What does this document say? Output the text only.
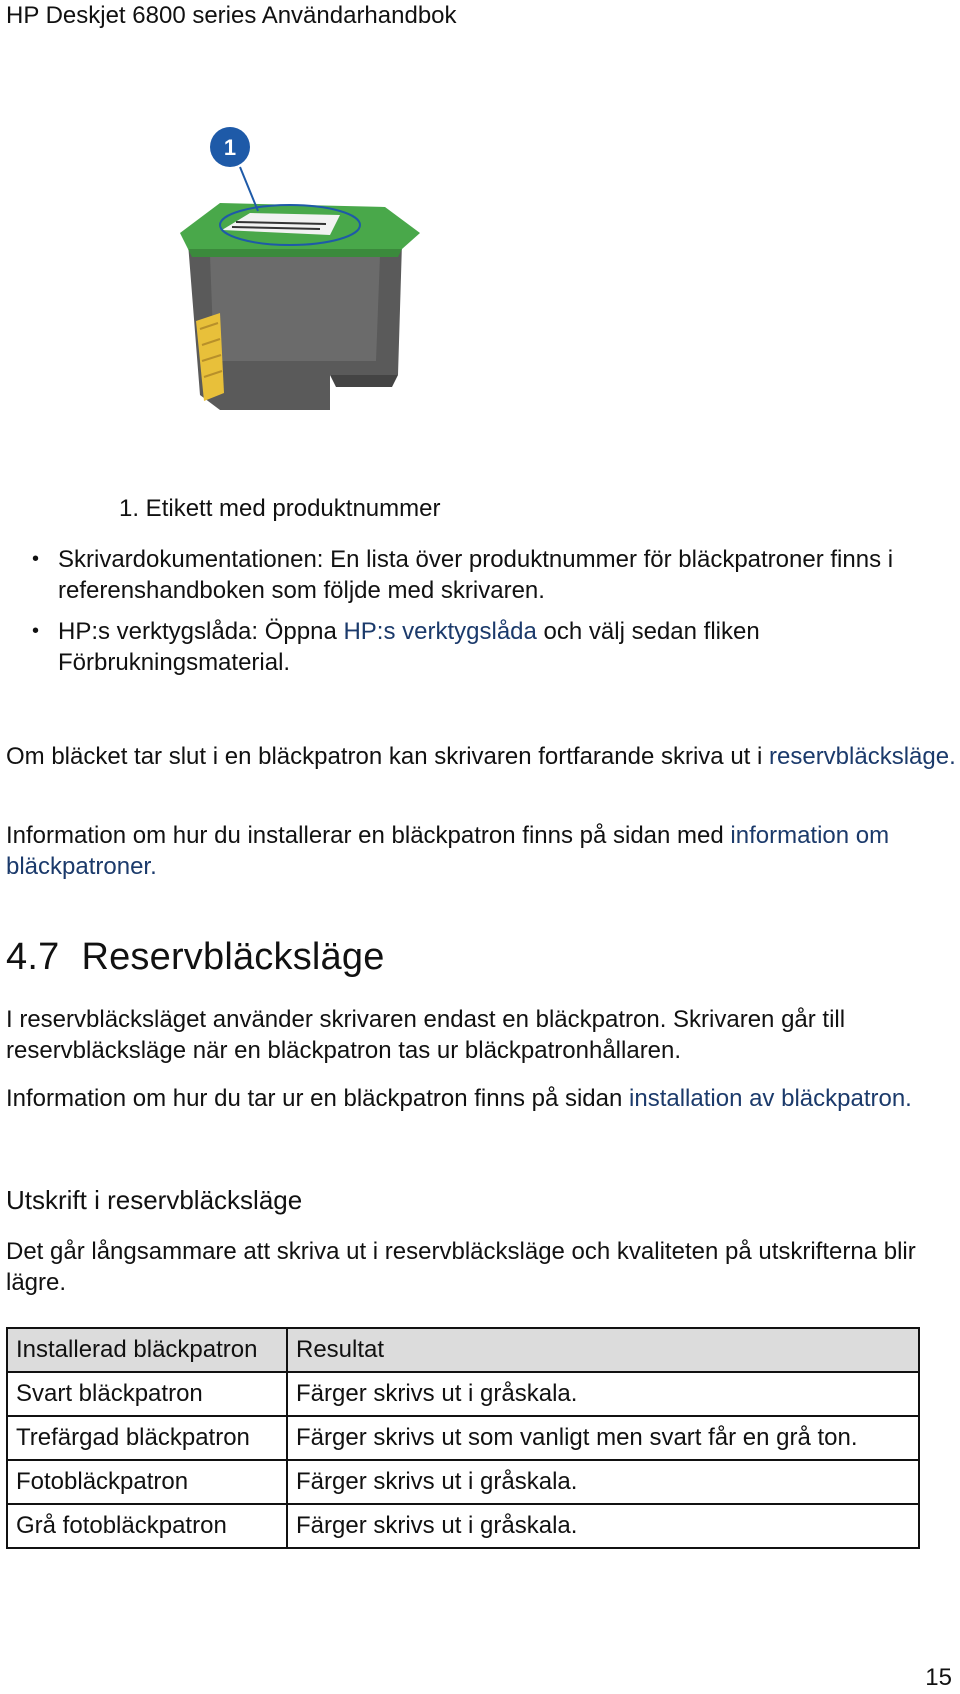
HP Deskjet 6800 series Användarhandbok
1
1. Etikett med produktnummer
• Skrivardokumentationen: En lista över produktnummer för bläckpatroner finns i referenshandboken som följde med skrivaren.
• HP:s verktygslåda: Öppna HP:s verktygslåda och välj sedan fliken Förbrukningsmaterial.

Om bläcket tar slut i en bläckpatron kan skrivaren fortfarande skriva ut i reservbläcksläge.

Information om hur du installerar en bläckpatron finns på sidan med information om bläckpatroner.

4.7 Reservbläcksläge

I reservbläcksläget använder skrivaren endast en bläckpatron. Skrivaren går till reservbläcksläge när en bläckpatron tas ur bläckpatronhållaren.

Information om hur du tar ur en bläckpatron finns på sidan installation av bläckpatron.

Utskrift i reservbläcksläge

Det går långsammare att skriva ut i reservbläcksläge och kvaliteten på utskrifterna blir lägre.

Installerad bläckpatron	Resultat
Svart bläckpatron	Färger skrivs ut i gråskala.
Trefärgad bläckpatron	Färger skrivs ut som vanligt men svart får en grå ton.
Fotobläckpatron	Färger skrivs ut i gråskala.
Grå fotobläckpatron	Färger skrivs ut i gråskala.
15
